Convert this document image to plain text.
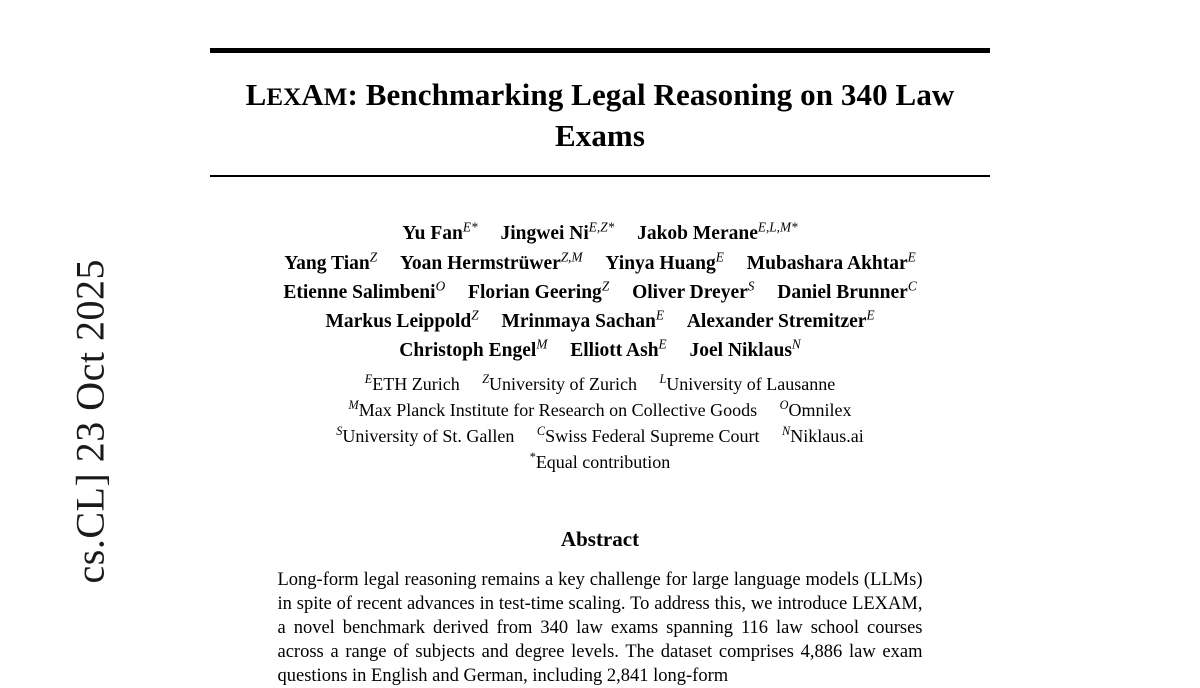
cs.CL] 23 Oct 2025
LEXAM: Benchmarking Legal Reasoning on 340 Law Exams
Yu Fan$^{E*}$ Jingwei $Ni^{E,Z*}$ Jakob Merane$^{E,L,M*}$
Yang Tian$^Z$ Yoan Hermstrüwer$^{Z,M}$ Yinya Huang$^E$ Mubashara Akhtar$^E$
Etienne Salimbeni$^O$ Florian Geering$^Z$ Oliver Dreyer$^S$ Daniel Brunner$^C$
Markus Leippold$^Z$ Mrinmaya Sachan$^E$ Alexander Stremitzer$^E$
Christoph Engel$^M$ Elliott Ash$^E$ Joel Niklaus$^N$
$^E$ETH Zurich $^Z$University of Zurich $^L$University of Lausanne
$^M$Max Planck Institute for Research on Collective Goods $^O$Omnilex
$^S$University of St. Gallen $^C$Swiss Federal Supreme Court $^N$Niklaus.ai
*Equal contribution
Abstract

Long-form legal reasoning remains a key challenge for large language models (LLMs) in spite of recent advances in test-time scaling. To address this, we introduce LEXAM, a novel benchmark derived from 340 law exams spanning 116 law school courses across a range of subjects and degree levels. The dataset comprises 4,886 law exam questions in English and German, including 2,841 long-form
